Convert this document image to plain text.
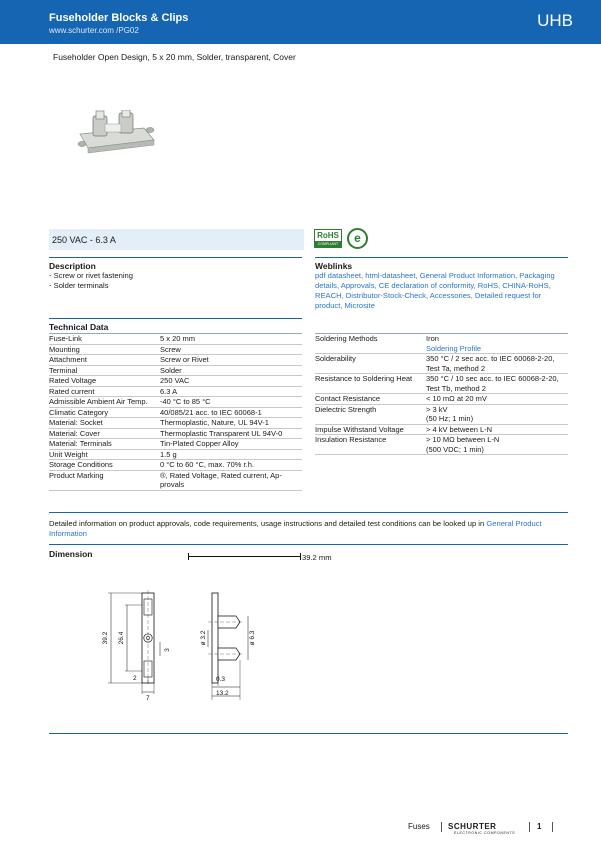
Fuseholder Blocks & Clips
www.schurter.com /PG02
UHB
Fuseholder Open Design, 5 x 20 mm, Solder, transparent, Cover
250 VAC - 6.3 A	RoHS
COMPLIANT	e
Description
- Screw or rivet fastening
- Solder terminals
Weblinks
pdf datasheet, html-datasheet, General Product Information, Packaging
details, Approvals, CE declaration of conformity, RoHS, CHINA-RoHS,
REACH, Distributor-Stock-Check, Accessories, Detailed request for
product, Microsite
Technical Data
Fuse-Link	5 x 20 mm
Mounting	Screw
Attachment	Screw or Rivet
Terminal	Solder
Rated Voltage	250 VAC
Rated current	6.3 A
Admissible Ambient Air Temp.	-40 °C to 85 °C
Climatic Category	40/085/21 acc. to IEC 60068-1
Material: Socket	Thermoplastic, Nature, UL 94V-1
Material: Cover	Thermoplastic Transparent UL 94V-0
Material: Terminals	Tin-Plated Copper Alloy
Unit Weight	1.5 g
Storage Conditions	0 °C to 60 °C, max. 70% r.h.
Product Marking	®, Rated Voltage, Rated current, Ap-
provals
Soldering Methods	Iron
Soldering Profile

Solderability	350 °C / 2 sec acc. to IEC 60068-2-20,
Test Ta, method 2

Resistance to Soldering Heat	350 °C / 10 sec acc. to IEC 60068-2-20,
Test Tb, method 2

Contact Resistance	< 10 mΩ at 20 mV
Dielectric Strength	> 3 kV
(50 Hz; 1 min)

Impulse Withstand Voltage	> 4 kV between L-N
Insulation Resistance	> 10 MΩ between L-N
(500 VDC; 1 min)
Detailed information on product approvals, code requirements, usage instructions and detailed test conditions can be looked up in General Product
Information
Dimension	39.2 mm
39.2 26.4
3
2
7
ø 3.2	ø 6.3
0.3
13.2
Fuses SCHURTER
ELECTRONIC COMPONENTS
1
